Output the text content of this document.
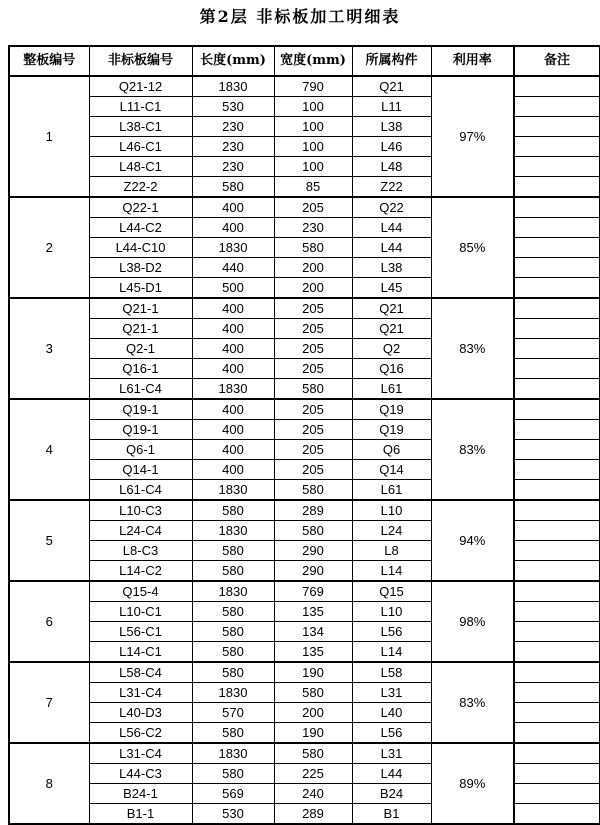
第2层 非标板加工明细表
整板编号	非标板编号	长度(mm)	宽度(mm)	所属构件	利用率	备注
1	Q21-12	1830	790	Q21	97%	
	L11-C1	530	100	L11		
	L38-C1	230	100	L38		
	L46-C1	230	100	L46		
	L48-C1	230	100	L48		
	Z22-2	580	85	Z22		
2	Q22-1	400	205	Q22	85%	
	L44-C2	400	230	L44		
	L44-C10	1830	580	L44		
	L38-D2	440	200	L38		
	L45-D1	500	200	L45		
3	Q21-1	400	205	Q21	83%	
	Q21-1	400	205	Q21		
	Q2-1	400	205	Q2		
	Q16-1	400	205	Q16		
	L61-C4	1830	580	L61		
4	Q19-1	400	205	Q19	83%	
	Q19-1	400	205	Q19		
	Q6-1	400	205	Q6		
	Q14-1	400	205	Q14		
	L61-C4	1830	580	L61		
5	L10-C3	580	289	L10	94%	
	L24-C4	1830	580	L24		
	L8-C3	580	290	L8		
	L14-C2	580	290	L14		
6	Q15-4	1830	769	Q15	98%	
	L10-C1	580	135	L10		
	L56-C1	580	134	L56		
	L14-C1	580	135	L14		
7	L58-C4	580	190	L58	83%	
	L31-C4	1830	580	L31		
	L40-D3	570	200	L40		
	L56-C2	580	190	L56		
8	L31-C4	1830	580	L31	89%	
	L44-C3	580	225	L44		
	B24-1	569	240	B24		
	B1-1	530	289	B1		
